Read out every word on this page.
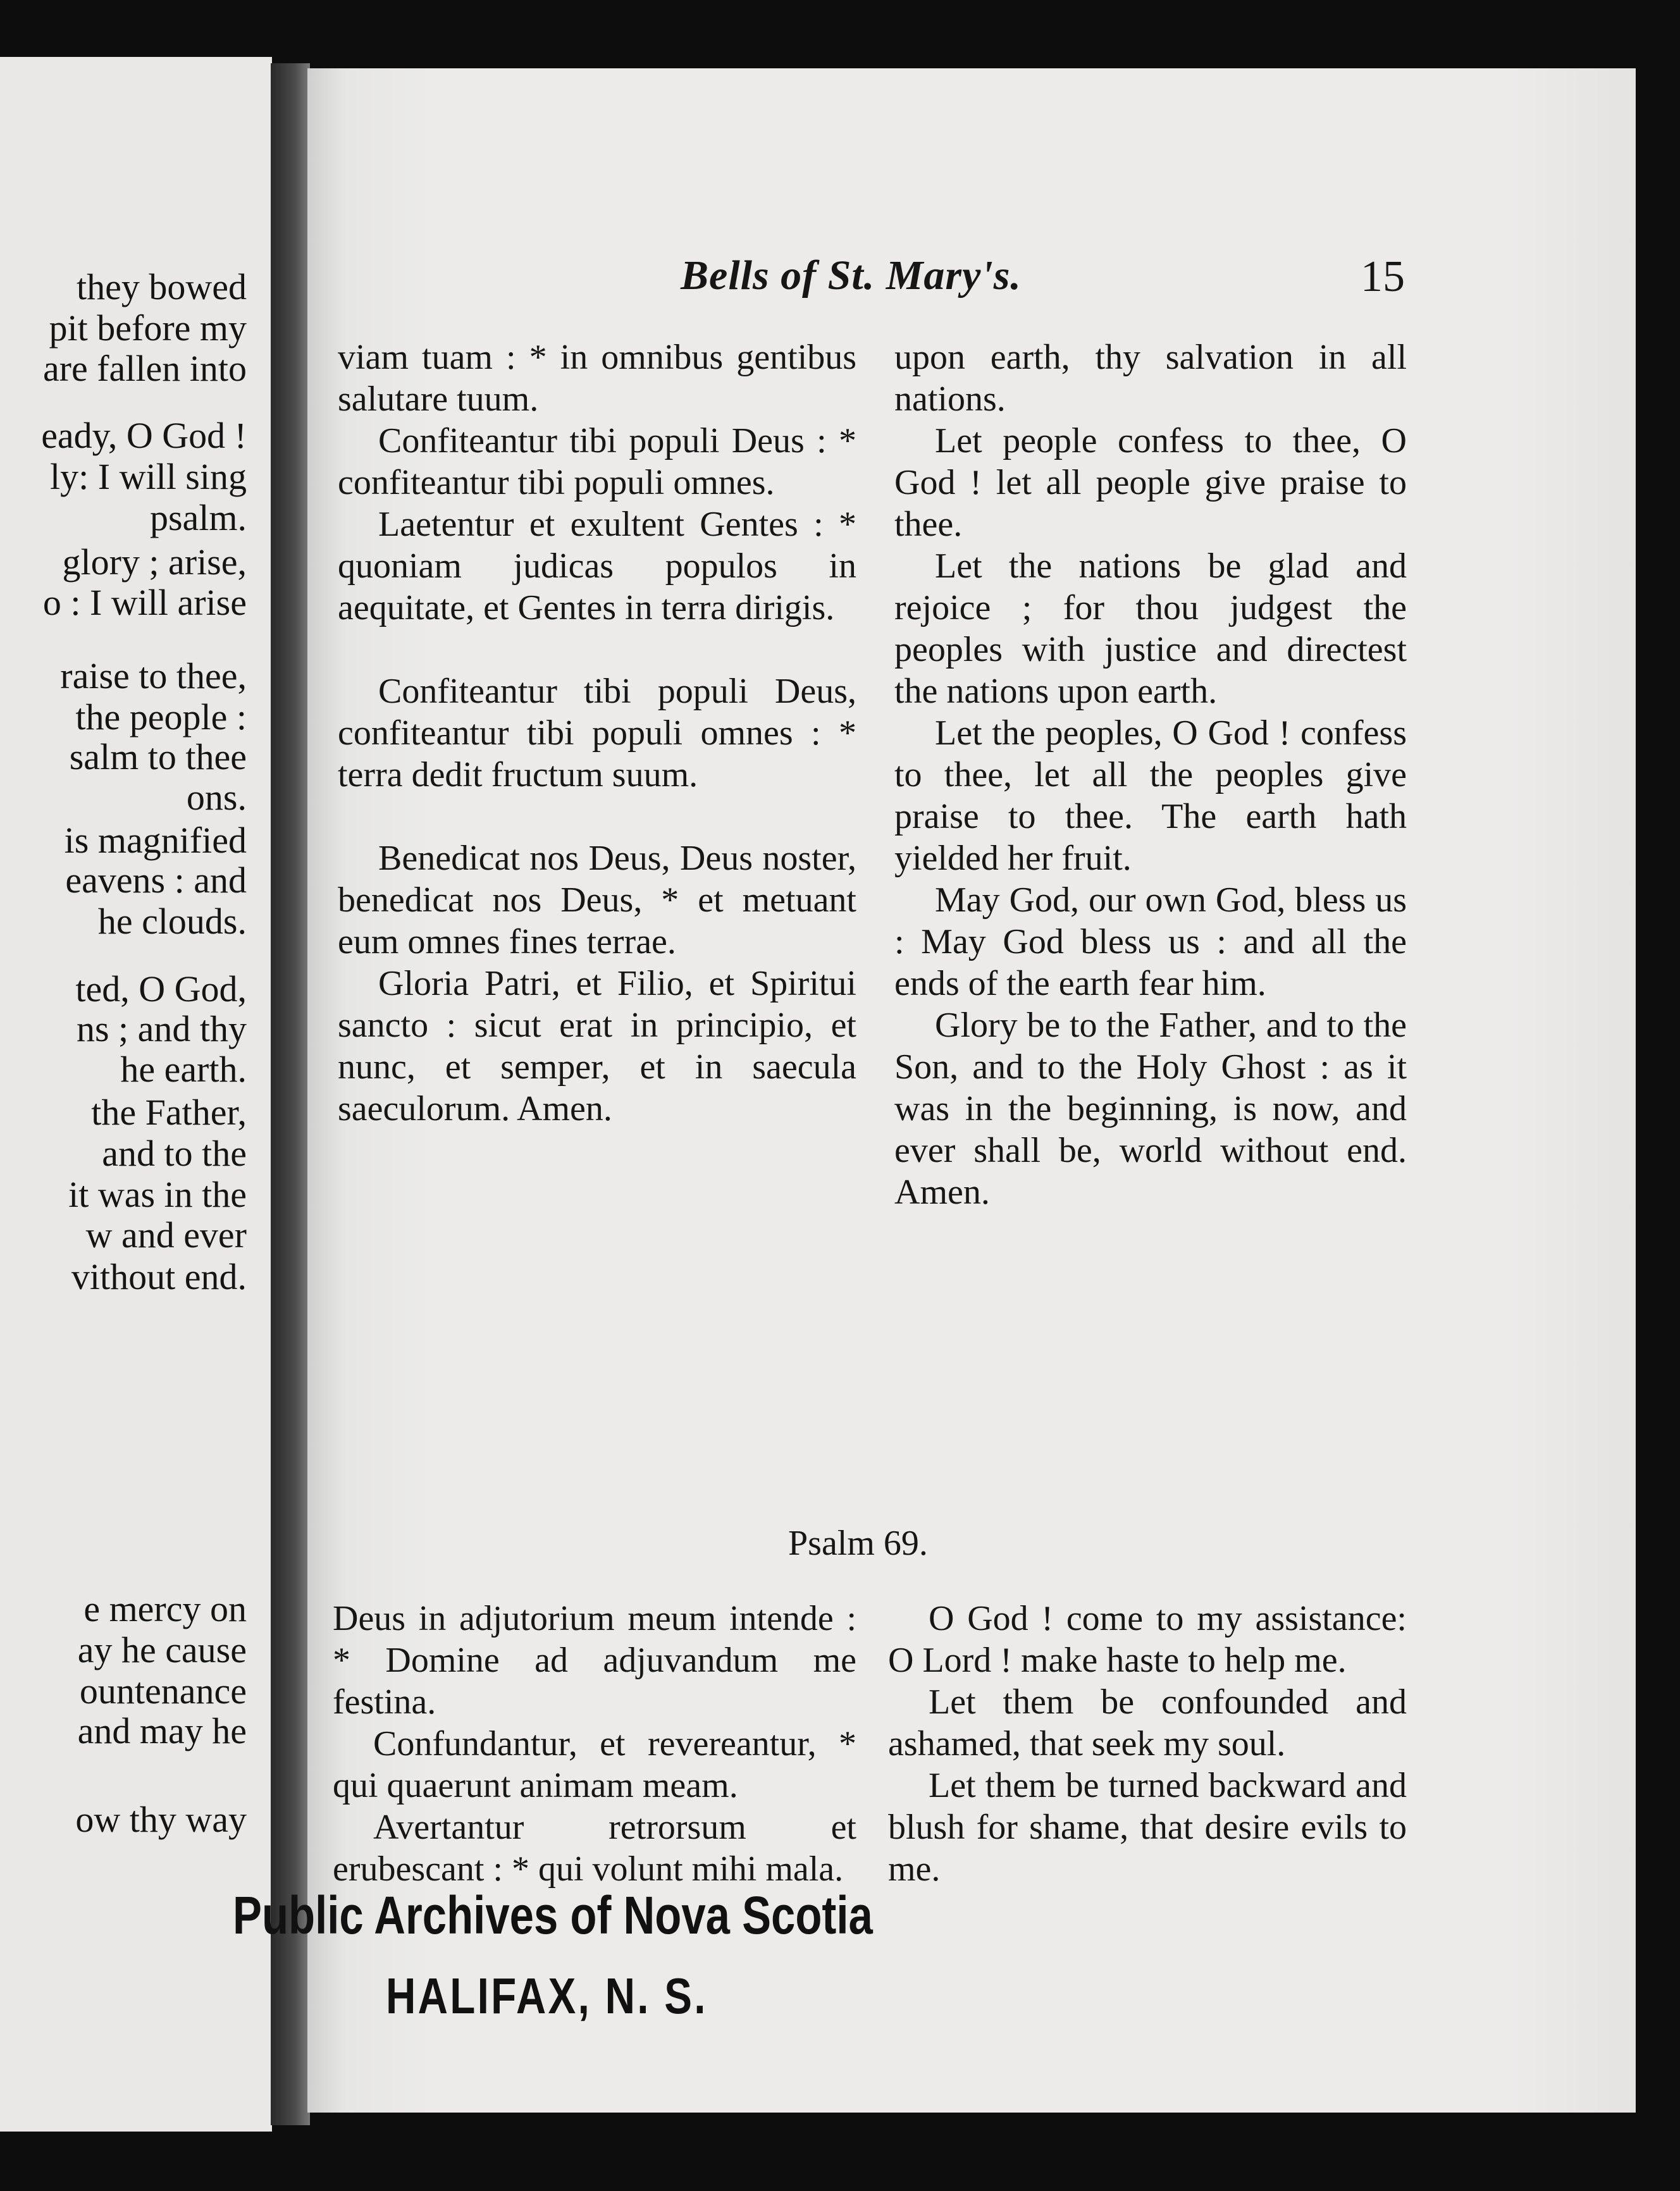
they bowed
pit before my
are fallen into
eady, O God !
ly: I will sing
psalm.
glory ; arise,
o : I will arise
raise to thee,
the people :
salm to thee
ons.
is magnified
eavens : and
he clouds.
ted, O God,
ns ; and thy
he earth.
the Father,
and to the
it was in the
w and ever
vithout end.
e mercy on
ay he cause
ountenance
and may he
ow thy way
Bells of St. Mary's.	15

viam tuam : * in omnibus gentibus salutare tuum.

Confiteantur tibi populi Deus : * confiteantur tibi populi omnes.

Laetentur et exultent Gentes : * quoniam judicas populos in aequitate, et Gentes in terra dirigis.

Confiteantur tibi populi Deus, confiteantur tibi populi omnes : * terra dedit fructum suum.

Benedicat nos Deus, Deus noster, benedicat nos Deus, * et metuant eum omnes fines terrae.

Gloria Patri, et Filio, et Spiritui sancto : sicut erat in principio, et nunc, et semper, et in saecula saeculorum. Amen.

upon earth, thy salvation in all nations.

Let people confess to thee, O God ! let all people give praise to thee.

Let the nations be glad and rejoice ; for thou judgest the peoples with justice and directest the nations upon earth.

Let the peoples, O God ! confess to thee, let all the peoples give praise to thee. The earth hath yielded her fruit.

May God, our own God, bless us : May God bless us : and all the ends of the earth fear him.

Glory be to the Father, and to the Son, and to the Holy Ghost : as it was in the beginning, is now, and ever shall be, world without end. Amen.

Psalm 69.

Deus in adjutorium meum intende : * Domine ad adjuvandum me festina.

Confundantur, et revereantur, * qui quaerunt animam meam.

Avertantur retrorsum et erubescant : * qui volunt mihi mala.

O God ! come to my assistance: O Lord ! make haste to help me.

Let them be confounded and ashamed, that seek my soul.

Let them be turned backward and blush for shame, that desire evils to me.

Public Archives of Nova Scotia
HALIFAX, N. S.
